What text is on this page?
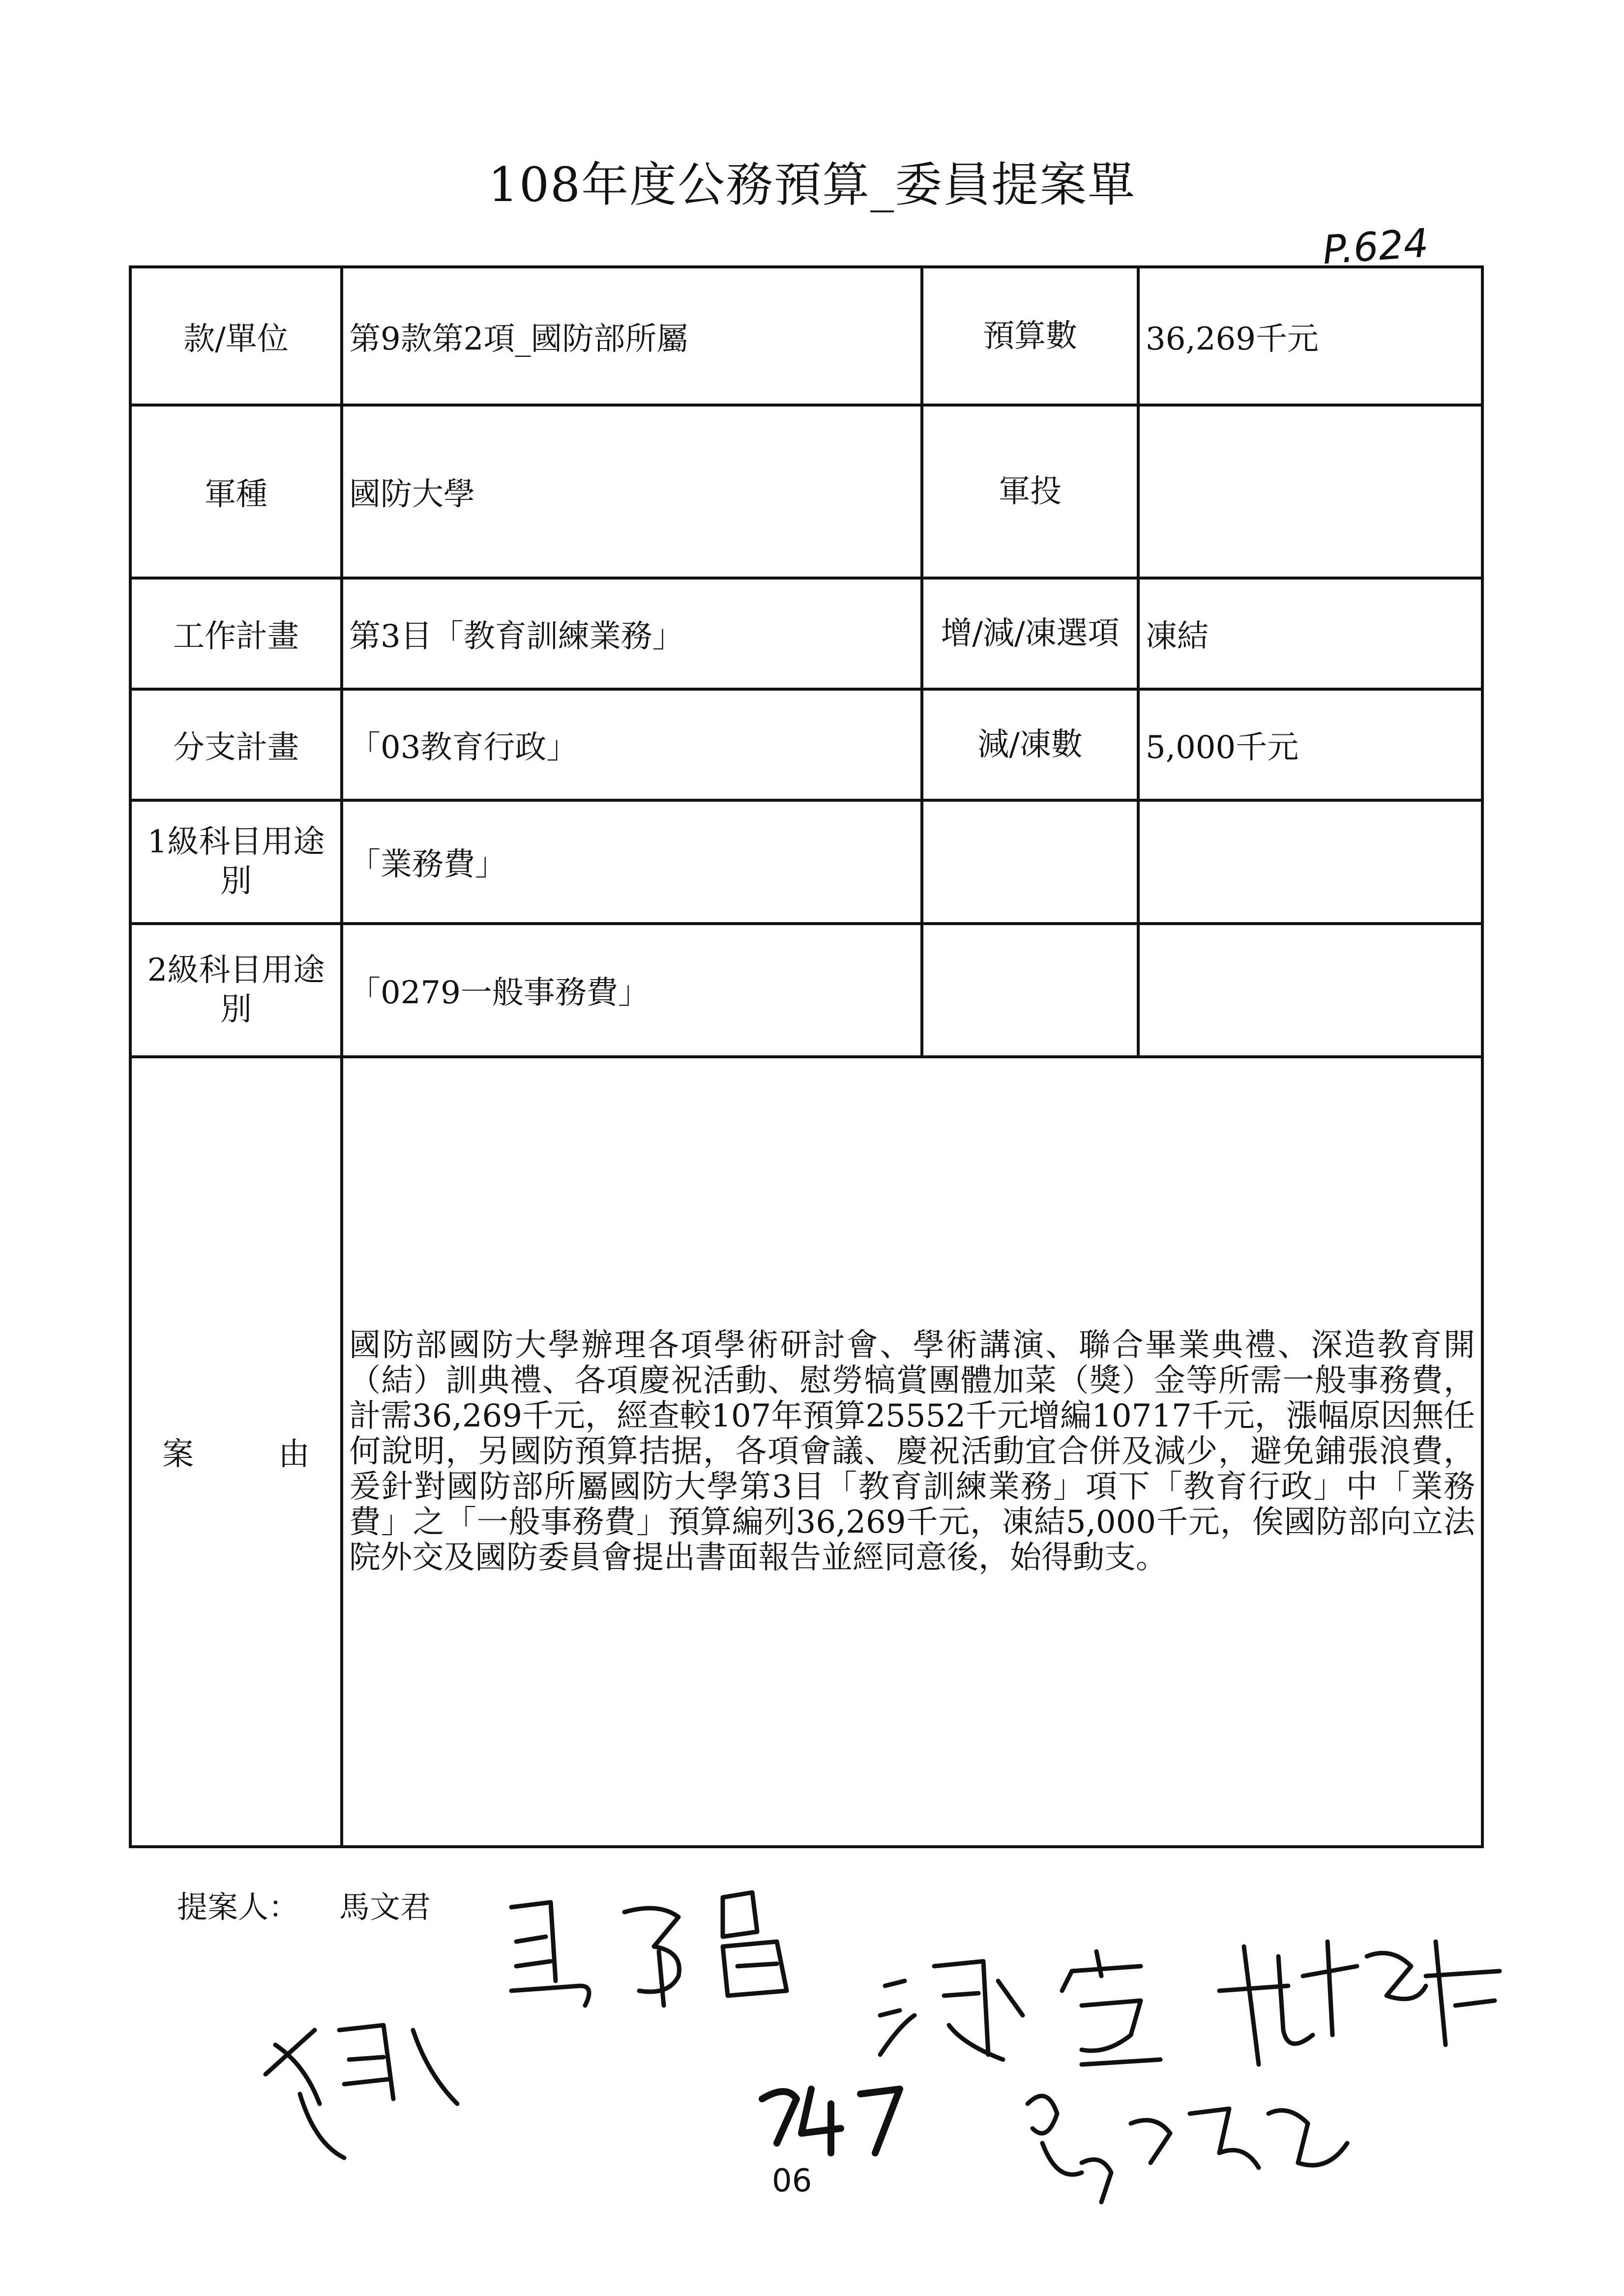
108年度公務預算_委員提案單
P.624
款/單位	第9款第2項_國防部所屬	預算數	36,269千元
軍種	國防大學	軍投	
工作計畫	第3目「教育訓練業務」	增/減/凍選項	凍結
分支計畫	「03教育行政」	減/凍數	5,000千元
1級科目用途別	「業務費」		
2級科目用途別	「0279一般事務費」		
案由	國防部國防大學辦理各項學術研討會、學術講演、聯合畢業典禮、深造教育開（結）訓典禮、各項慶祝活動、慰勞犒賞團體加菜（獎）金等所需一般事務費，計需36,269千元，經查較107年預算25552千元增編10717千元，漲幅原因無任何說明，另國防預算拮据，各項會議、慶祝活動宜合併及減少，避免鋪張浪費，爰針對國防部所屬國防大學第3目「教育訓練業務」項下「教育行政」中「業務費」之「一般事務費」預算編列36,269千元，凍結5,000千元，俟國防部向立法院外交及國防委員會提出書面報告並經同意後，始得動支。		
提案人： 馬文君
06
